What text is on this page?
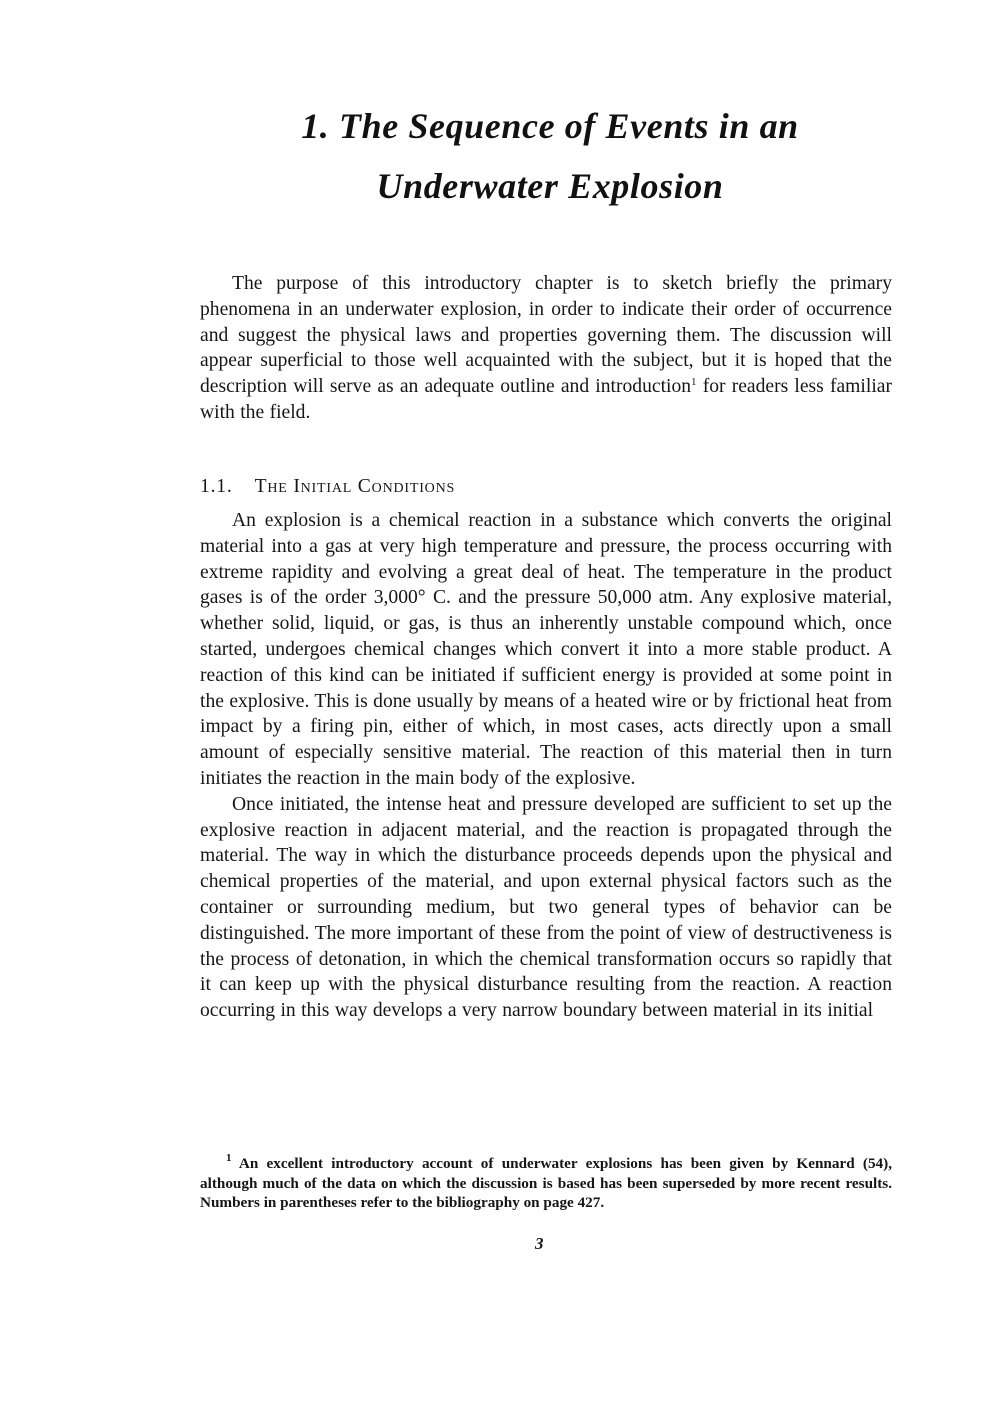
1. The Sequence of Events in an
Underwater Explosion

The purpose of this introductory chapter is to sketch briefly the primary phenomena in an underwater explosion, in order to indicate their order of occurrence and suggest the physical laws and properties governing them. The discussion will appear superficial to those well acquainted with the subject, but it is hoped that the description will serve as an adequate outline and introduction$^1$ for readers less familiar with the field.

1.1. The Initial Conditions

An explosion is a chemical reaction in a substance which converts the original material into a gas at very high temperature and pressure, the process occurring with extreme rapidity and evolving a great deal of heat. The temperature in the product gases is of the order 3,000° C. and the pressure 50,000 atm. Any explosive material, whether solid, liquid, or gas, is thus an inherently unstable compound which, once started, undergoes chemical changes which convert it into a more stable product. A reaction of this kind can be initiated if sufficient energy is provided at some point in the explosive. This is done usually by means of a heated wire or by frictional heat from impact by a firing pin, either of which, in most cases, acts directly upon a small amount of especially sensitive material. The reaction of this material then in turn initiates the reaction in the main body of the explosive.

Once initiated, the intense heat and pressure developed are sufficient to set up the explosive reaction in adjacent material, and the reaction is propagated through the material. The way in which the disturbance proceeds depends upon the physical and chemical properties of the material, and upon external physical factors such as the container or surrounding medium, but two general types of behavior can be distinguished. The more important of these from the point of view of destructiveness is the process of detonation, in which the chemical transformation occurs so rapidly that it can keep up with the physical disturbance resulting from the reaction. A reaction occurring in this way develops a very narrow boundary between material in its initial

$^1$ An excellent introductory account of underwater explosions has been given by Kennard (54), although much of the data on which the discussion is based has been superseded by more recent results. Numbers in parentheses refer to the bibliography on page 427.
3
